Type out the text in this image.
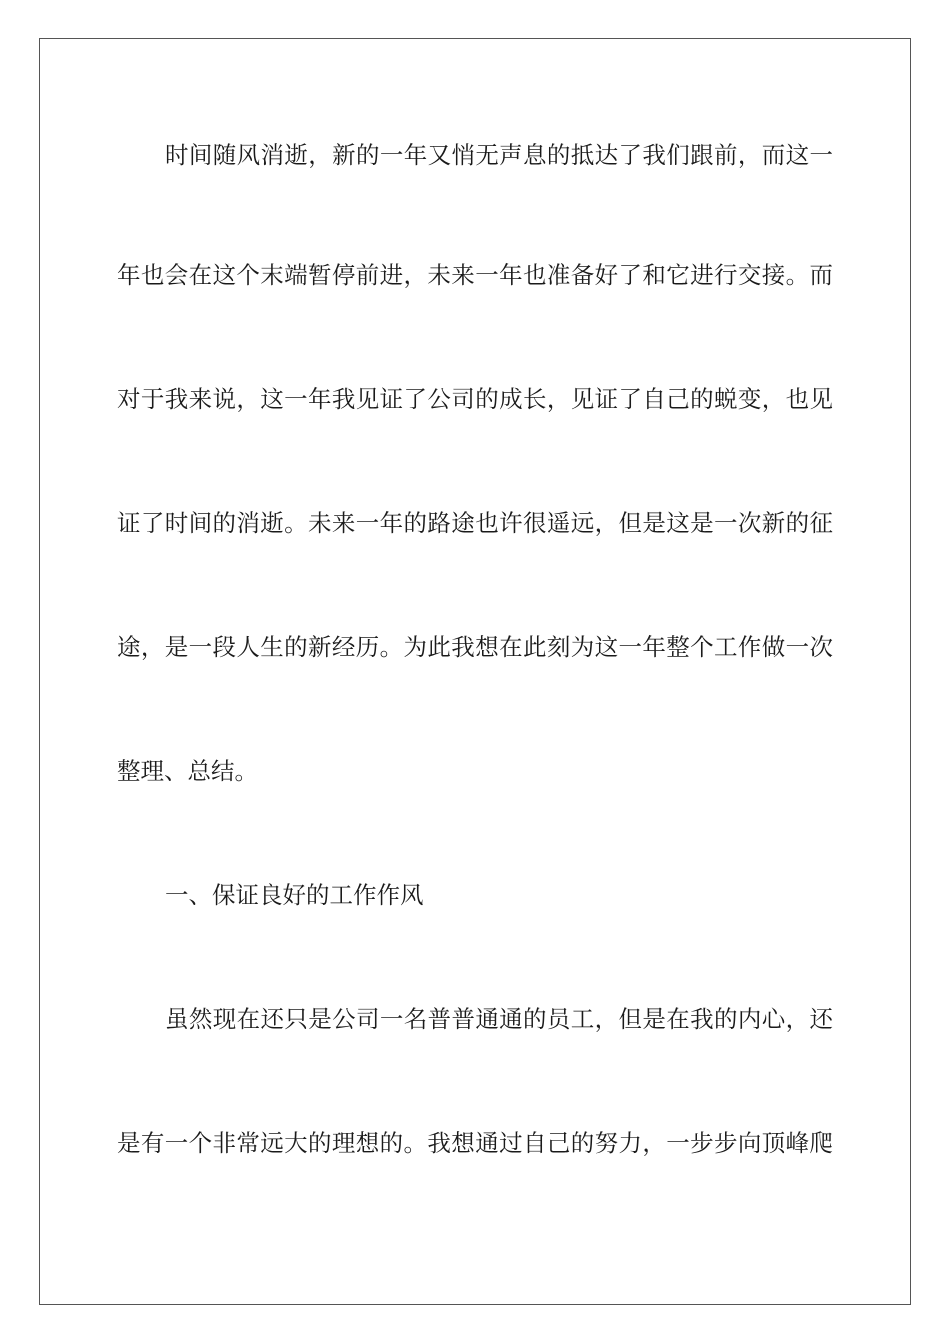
时间随风消逝，新的一年又悄无声息的抵达了我们跟前，而这一
年也会在这个末端暂停前进，未来一年也准备好了和它进行交接。而
对于我来说，这一年我见证了公司的成长，见证了自己的蜕变，也见
证了时间的消逝。未来一年的路途也许很遥远，但是这是一次新的征
途，是一段人生的新经历。为此我想在此刻为这一年整个工作做一次
整理、总结。
一、保证良好的工作作风
虽然现在还只是公司一名普普通通的员工，但是在我的内心，还
是有一个非常远大的理想的。我想通过自己的努力，一步步向顶峰爬
